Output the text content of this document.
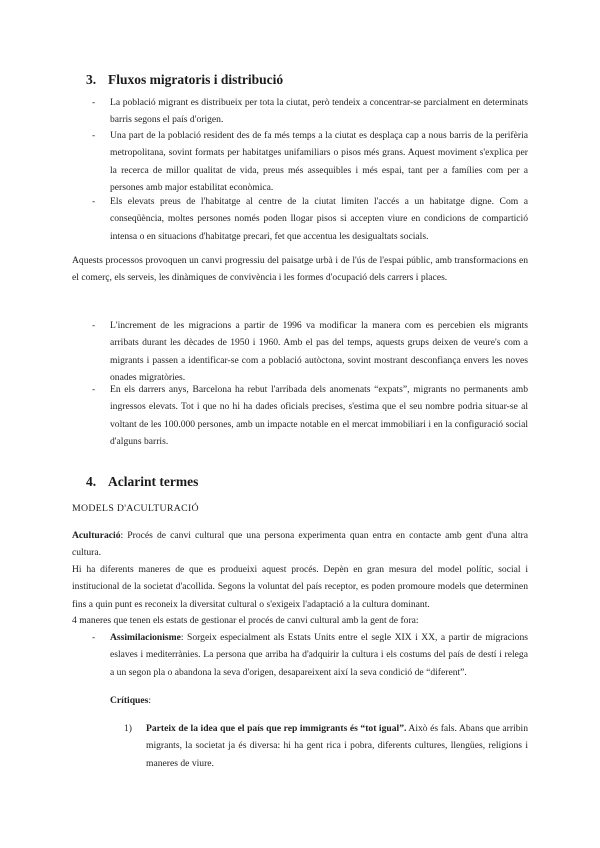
3. Fluxos migratoris i distribució

- La població migrant es distribueix per tota la ciutat, però tendeix a concentrar-se parcialment en determinats barris segons el país d'origen.

- Una part de la població resident des de fa més temps a la ciutat es desplaça cap a nous barris de la perifèria metropolitana, sovint formats per habitatges unifamiliars o pisos més grans. Aquest moviment s'explica per la recerca de millor qualitat de vida, preus més assequibles i més espai, tant per a famílies com per a persones amb major estabilitat econòmica.

- Els elevats preus de l'habitatge al centre de la ciutat limiten l'accés a un habitatge digne. Com a conseqüència, moltes persones només poden llogar pisos si accepten viure en condicions de compartició intensa o en situacions d'habitatge precari, fet que accentua les desigualtats socials.

Aquests processos provoquen un canvi progressiu del paisatge urbà i de l'ús de l'espai públic, amb transformacions en el comerç, els serveis, les dinàmiques de convivència i les formes d'ocupació dels carrers i places.

- L'increment de les migracions a partir de 1996 va modificar la manera com es percebien els migrants arribats durant les dècades de 1950 i 1960. Amb el pas del temps, aquests grups deixen de veure's com a migrants i passen a identificar-se com a població autòctona, sovint mostrant desconfiança envers les noves onades migratòries.

- En els darrers anys, Barcelona ha rebut l'arribada dels anomenats “expats”, migrants no permanents amb ingressos elevats. Tot i que no hi ha dades oficials precises, s'estima que el seu nombre podria situar-se al voltant de les 100.000 persones, amb un impacte notable en el mercat immobiliari i en la configuració social d'alguns barris.

4. Aclarint termes

MODELS D'ACULTURACIÓ

Aculturació: Procés de canvi cultural que una persona experimenta quan entra en contacte amb gent d'una altra cultura.

Hi ha diferents maneres de que es produeixi aquest procés. Depèn en gran mesura del model polític, social i institucional de la societat d'acollida. Segons la voluntat del país receptor, es poden promoure models que determinen fins a quin punt es reconeix la diversitat cultural o s'exigeix l'adaptació a la cultura dominant.

4 maneres que tenen els estats de gestionar el procés de canvi cultural amb la gent de fora:

- Assimilacionisme: Sorgeix especialment als Estats Units entre el segle XIX i XX, a partir de migracions eslaves i mediterrànies. La persona que arriba ha d'adquirir la cultura i els costums del país de destí i relega a un segon pla o abandona la seva d'origen, desapareixent així la seva condició de “diferent”.

Crítiques:

1) Parteix de la idea que el país que rep immigrants és “tot igual”. Això és fals. Abans que arribin migrants, la societat ja és diversa: hi ha gent rica i pobra, diferents cultures, llengües, religions i maneres de viure.
